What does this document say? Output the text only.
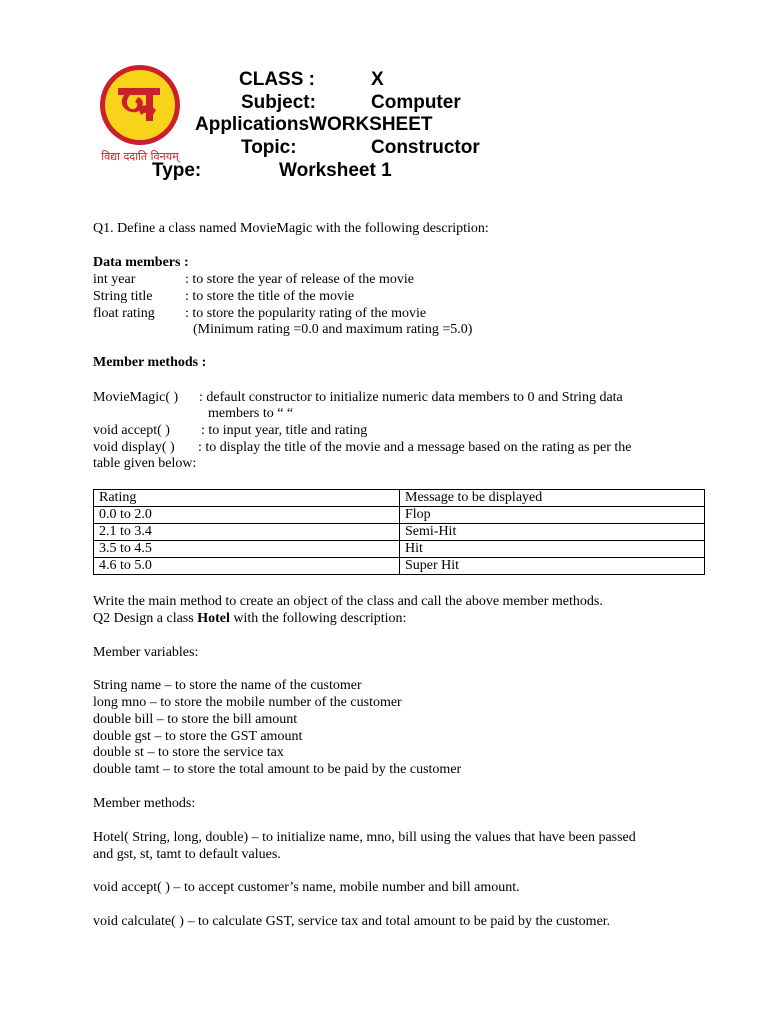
विद्या ददाति विनयम्
CLASS :	X
Subject:	Computer
ApplicationsWORKSHEET
Topic:	Constructor
Type:	Worksheet 1
Q1. Define a class named MovieMagic with the following description:
Data members :
int year	: to store the year of release of the movie
String title : to store the title of the movie
float rating : to store the popularity rating of the movie
(Minimum rating =0.0 and maximum rating =5.0)
Member methods :
MovieMagic( ) : default constructor to initialize numeric data members to 0 and String data
members to “ “
void accept( ) : to input year, title and rating
void display( ) : to display the title of the movie and a message based on the rating as per the
table given below:
Rating	Message to be displayed
0.0 to 2.0	Flop
2.1 to 3.4	Semi-Hit
3.5 to 4.5	Hit
4.6 to 5.0	Super Hit
Write the main method to create an object of the class and call the above member methods.
Q2 Design a class Hotel with the following description:
Member variables:
String name – to store the name of the customer
long mno – to store the mobile number of the customer
double bill – to store the bill amount
double gst – to store the GST amount
double st – to store the service tax
double tamt – to store the total amount to be paid by the customer
Member methods:
Hotel( String, long, double) – to initialize name, mno, bill using the values that have been passed
and gst, st, tamt to default values.
void accept( ) – to accept customer’s name, mobile number and bill amount.
void calculate( ) – to calculate GST, service tax and total amount to be paid by the customer.
